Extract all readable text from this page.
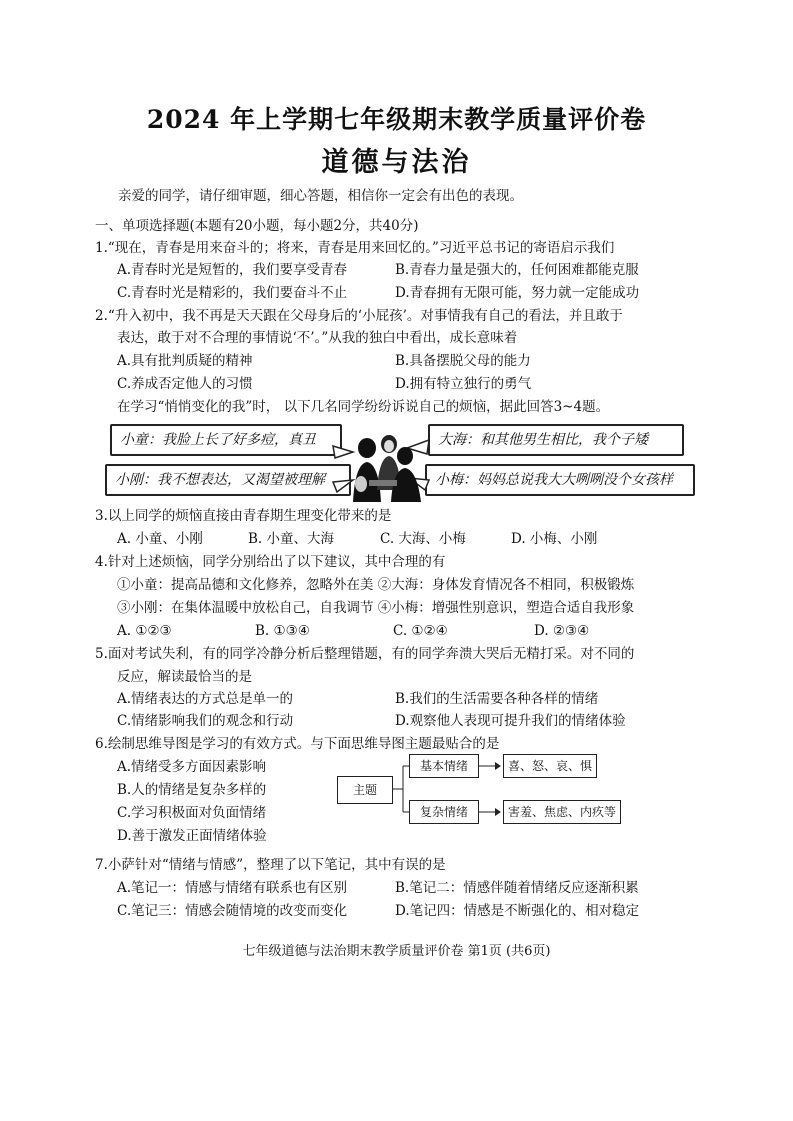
2024 年上学期七年级期末教学质量评价卷
道德与法治
亲爱的同学，请仔细审题，细心答题，相信你一定会有出色的表现。
一、单项选择题(本题有20小题，每小题2分，共40分)
1.“现在，青春是用来奋斗的；将来，青春是用来回忆的。”习近平总书记的寄语启示我们
A.青春时光是短暂的，我们要享受青春	B.青春力量是强大的，任何困难都能克服
C.青春时光是精彩的，我们要奋斗不止	D.青春拥有无限可能，努力就一定能成功
2.“升入初中，我不再是天天跟在父母身后的‘小屁孩’。对事情我有自己的看法，并且敢于
表达，敢于对不合理的事情说‘不’。”从我的独白中看出，成长意味着
A.具有批判质疑的精神	B.具备摆脱父母的能力
C.养成否定他人的习惯	D.拥有特立独行的勇气
在学习“悄悄变化的我”时， 以下几名同学纷纷诉说自己的烦恼，据此回答3~4题。
小童：我脸上长了好多痘，真丑	大海：和其他男生相比，我个子矮
小刚：我不想表达，又渴望被理解	小梅：妈妈总说我大大咧咧没个女孩样
3.以上同学的烦恼直接由青春期生理变化带来的是
A. 小童、小刚	B. 小童、大海	C. 大海、小梅	D. 小梅、小刚
4.针对上述烦恼，同学分别给出了以下建议，其中合理的有
①小童：提高品德和文化修养，忽略外在美 ②大海：身体发育情况各不相同，积极锻炼
③小刚：在集体温暖中放松自己，自我调节 ④小梅：增强性别意识，塑造合适自我形象
A. ①②③	B. ①③④	C. ①②④	D. ②③④
5.面对考试失利，有的同学冷静分析后整理错题，有的同学奔溃大哭后无精打采。对不同的
反应，解读最恰当的是
A.情绪表达的方式总是单一的	B.我们的生活需要各种各样的情绪
C.情绪影响我们的观念和行动	D.观察他人表现可提升我们的情绪体验
6.绘制思维导图是学习的有效方式。与下面思维导图主题最贴合的是
A.情绪受多方面因素影响
B.人的情绪是复杂多样的
C.学习积极面对负面情绪
D.善于激发正面情绪体验
主题
基本情绪	喜、怒、哀、惧
复杂情绪	害羞、焦虑、内疚等
7.小萨针对“情绪与情感”，整理了以下笔记，其中有误的是
A.笔记一：情感与情绪有联系也有区别	B.笔记二：情感伴随着情绪反应逐渐积累
C.笔记三：情感会随情境的改变而变化	D.笔记四：情感是不断强化的、相对稳定
七年级道德与法治期末教学质量评价卷 第1页 (共6页)
